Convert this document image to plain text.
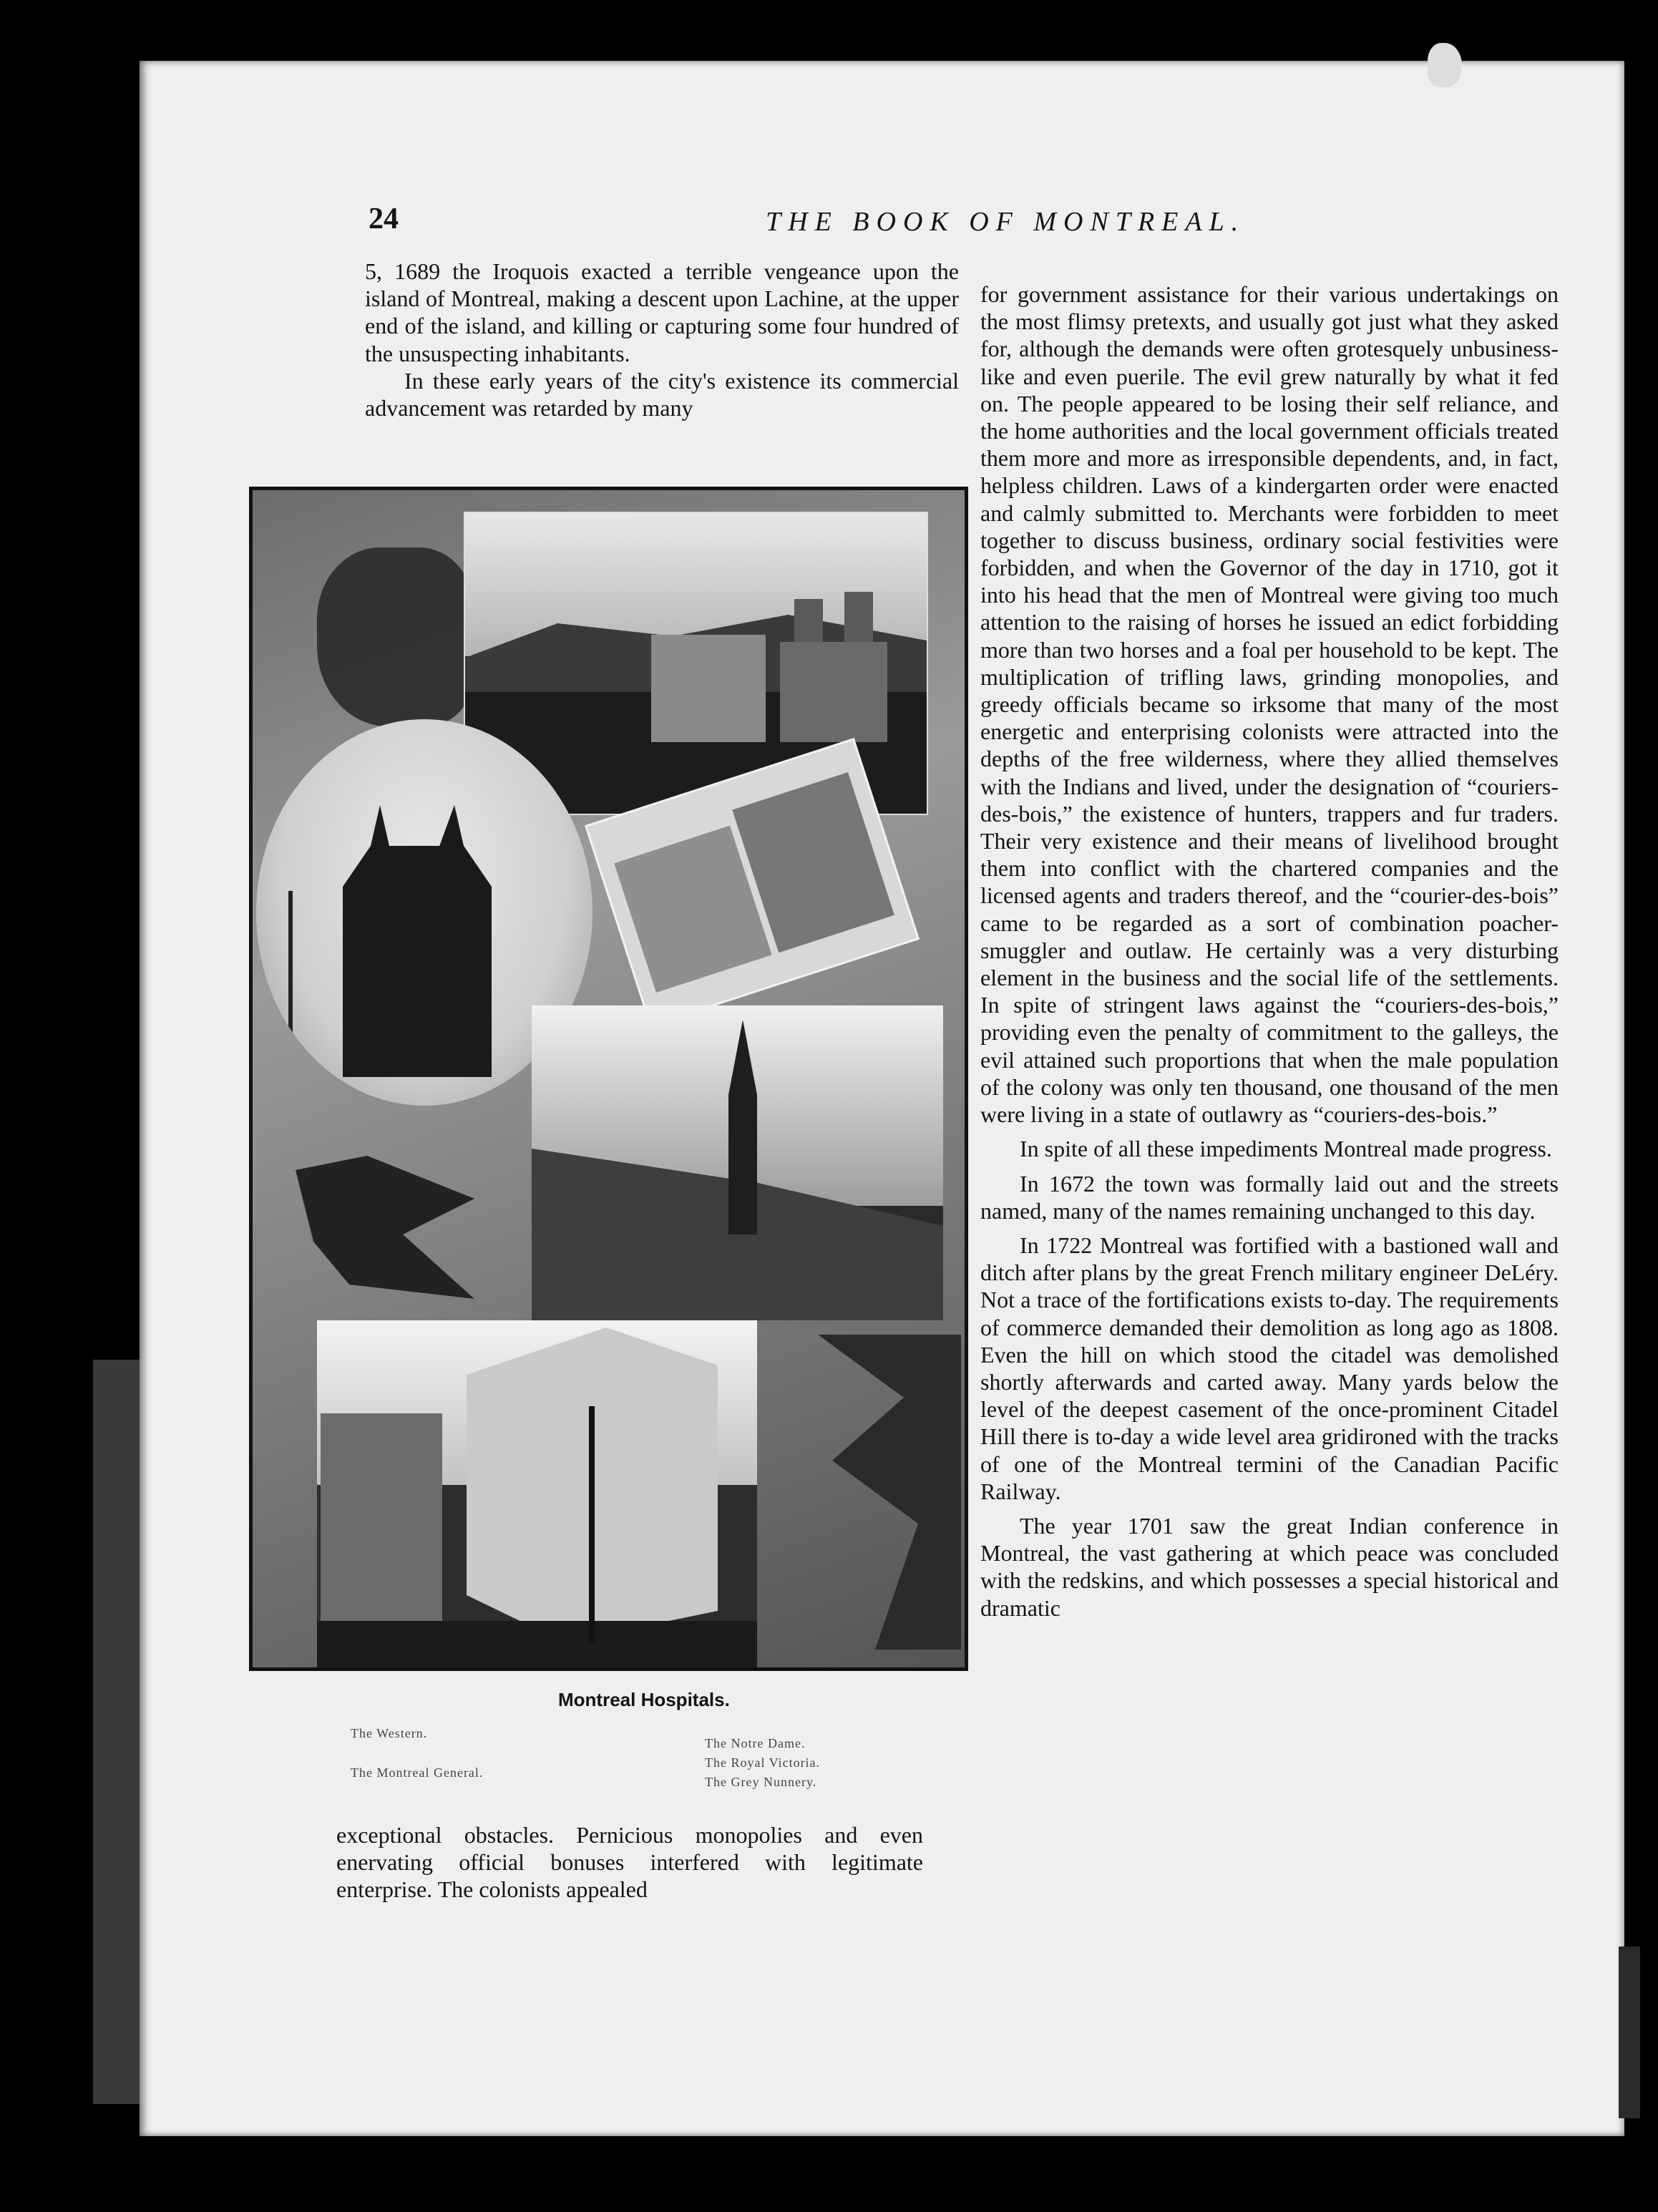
24	THE BOOK OF MONTREAL.

5, 1689 the Iroquois exacted a terrible vengeance upon the island of Montreal, making a descent upon Lachine, at the upper end of the island, and killing or capturing some four hundred of the unsuspecting inhabitants.

In these early years of the city's existence its commercial advancement was retarded by many

Montreal Hospitals.
The Western.
The Montreal General.
The Notre Dame.
The Royal Victoria.
The Grey Nunnery.

exceptional obstacles. Pernicious monopolies and even enervating official bonuses interfered with legitimate enterprise. The colonists appealed

for government assistance for their various undertakings on the most flimsy pretexts, and usually got just what they asked for, although the demands were often grotesquely unbusiness-like and even puerile. The evil grew naturally by what it fed on. The people appeared to be losing their self reliance, and the home authorities and the local government officials treated them more and more as irresponsible dependents, and, in fact, helpless children. Laws of a kindergarten order were enacted and calmly submitted to. Merchants were forbidden to meet together to discuss business, ordinary social festivities were forbidden, and when the Governor of the day in 1710, got it into his head that the men of Montreal were giving too much attention to the raising of horses he issued an edict forbidding more than two horses and a foal per household to be kept. The multiplication of trifling laws, grinding monopolies, and greedy officials became so irksome that many of the most energetic and enterprising colonists were attracted into the depths of the free wilderness, where they allied themselves with the Indians and lived, under the designation of “couriers-des-bois,” the existence of hunters, trappers and fur traders. Their very existence and their means of livelihood brought them into conflict with the chartered companies and the licensed agents and traders thereof, and the “courier-des-bois” came to be regarded as a sort of combination poacher-smuggler and outlaw. He certainly was a very disturbing element in the business and the social life of the settlements. In spite of stringent laws against the “couriers-des-bois,” providing even the penalty of commitment to the galleys, the evil attained such proportions that when the male population of the colony was only ten thousand, one thousand of the men were living in a state of outlawry as “couriers-des-bois.”

In spite of all these impediments Montreal made progress.

In 1672 the town was formally laid out and the streets named, many of the names remaining unchanged to this day.

In 1722 Montreal was fortified with a bastioned wall and ditch after plans by the great French military engineer DeLéry. Not a trace of the fortifications exists to-day. The requirements of commerce demanded their demolition as long ago as 1808. Even the hill on which stood the citadel was demolished shortly afterwards and carted away. Many yards below the level of the deepest casement of the once-prominent Citadel Hill there is to-day a wide level area gridironed with the tracks of one of the Montreal termini of the Canadian Pacific Railway.

The year 1701 saw the great Indian conference in Montreal, the vast gathering at which peace was concluded with the redskins, and which possesses a special historical and dramatic
